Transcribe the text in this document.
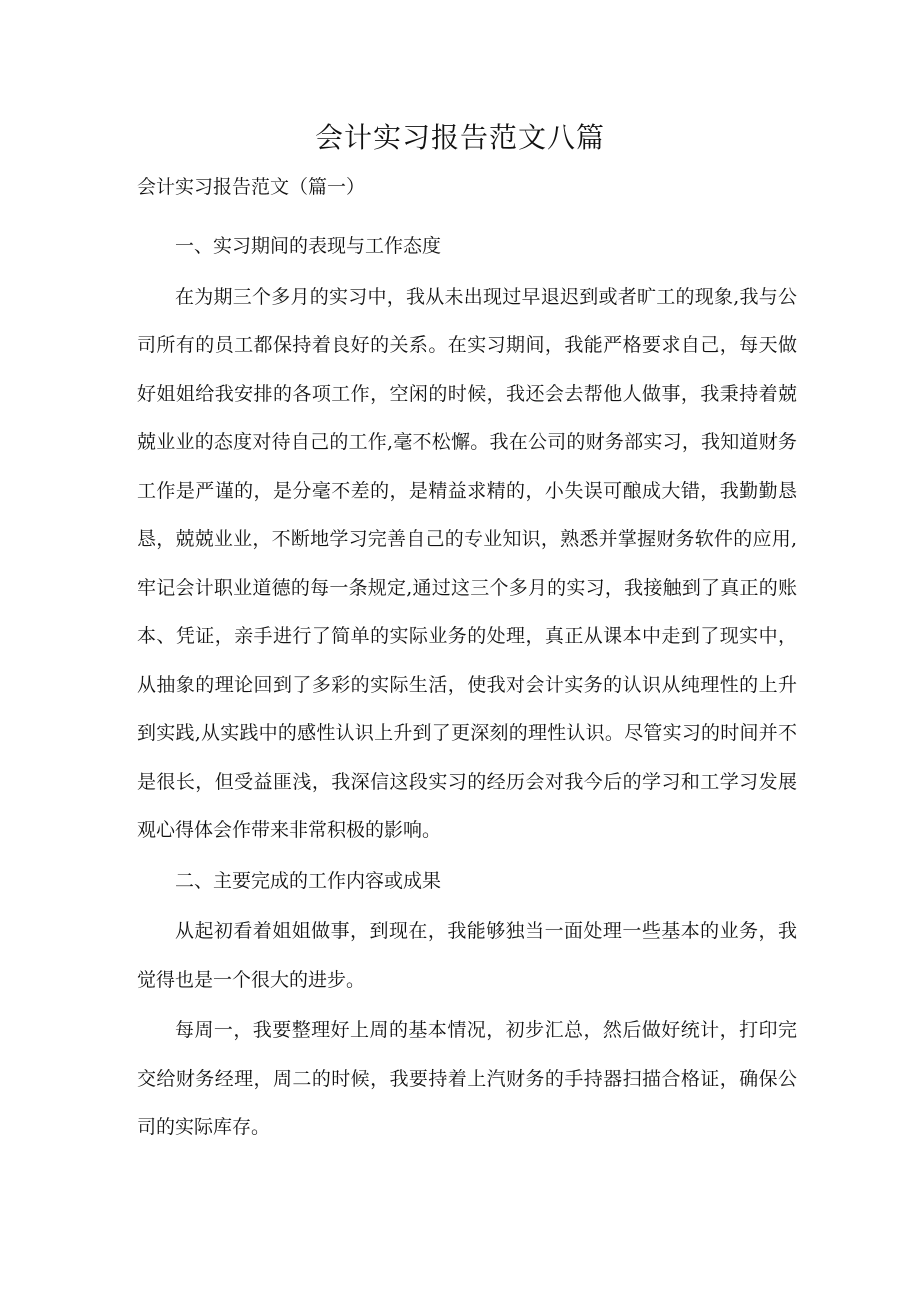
会计实习报告范文八篇
会计实习报告范文（篇一）

一、实习期间的表现与工作态度

在为期三个多月的实习中，我从未出现过早退迟到或者旷工的现象,我与公司所有的员工都保持着良好的关系。在实习期间，我能严格要求自己，每天做好姐姐给我安排的各项工作，空闲的时候，我还会去帮他人做事，我秉持着兢兢业业的态度对待自己的工作,毫不松懈。我在公司的财务部实习，我知道财务工作是严谨的，是分毫不差的，是精益求精的，小失误可酿成大错，我勤勤恳恳，兢兢业业，不断地学习完善自己的专业知识，熟悉并掌握财务软件的应用,牢记会计职业道德的每一条规定,通过这三个多月的实习，我接触到了真正的账本、凭证，亲手进行了简单的实际业务的处理，真正从课本中走到了现实中，从抽象的理论回到了多彩的实际生活，使我对会计实务的认识从纯理性的上升到实践,从实践中的感性认识上升到了更深刻的理性认识。尽管实习的时间并不是很长，但受益匪浅，我深信这段实习的经历会对我今后的学习和工学习发展观心得体会作带来非常积极的影响。

二、主要完成的工作内容或成果

从起初看着姐姐做事，到现在，我能够独当一面处理一些基本的业务，我觉得也是一个很大的进步。

每周一，我要整理好上周的基本情况，初步汇总，然后做好统计，打印完交给财务经理，周二的时候，我要持着上汽财务的手持器扫描合格证，确保公司的实际库存。
